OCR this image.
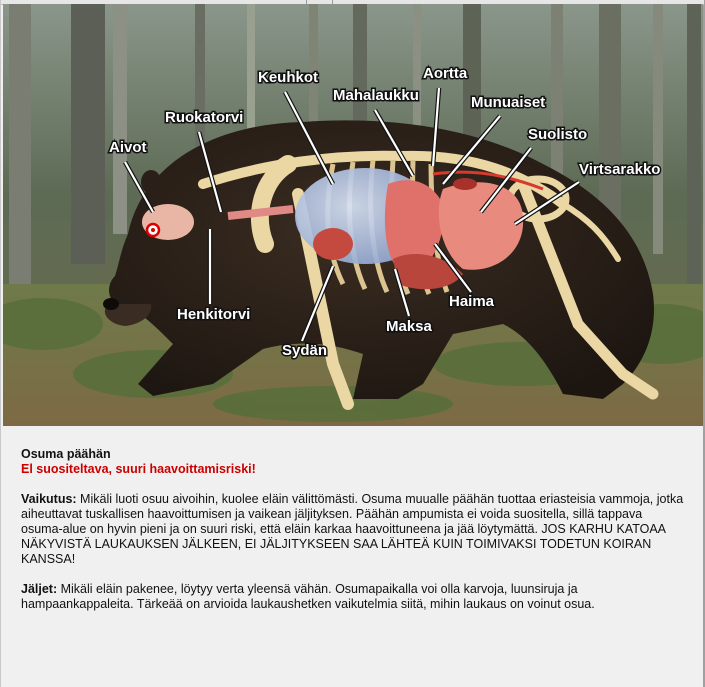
Aivot
Ruokatorvi
Keuhkot
Mahalaukku
Aortta
Munuaiset
Suolisto
Virtsarakko
Henkitorvi
Sydän
Maksa
Haima

Osuma päähän

El suositeltava, suuri haavoittamisriski!

Vaikutus: Mikäli luoti osuu aivoihin, kuolee eläin välittömästi. Osuma muualle päähän tuottaa eriasteisia vammoja, jotka aiheuttavat tuskallisen haavoittumisen ja vaikean jäljityksen. Päähän ampumista ei voida suositella, sillä tappava osuma-alue on hyvin pieni ja on suuri riski, että eläin karkaa haavoittuneena ja jää löytymättä. JOS KARHU KATOAA NÄKYVISTÄ LAUKAUKSEN JÄLKEEN, EI JÄLJITYKSEEN SAA LÄHTEÄ KUIN TOIMIVAKSI TODETUN KOIRAN KANSSA!

Jäljet: Mikäli eläin pakenee, löytyy verta yleensä vähän. Osumapaikalla voi olla karvoja, luunsiruja ja hampaankappaleita. Tärkeää on arvioida laukaushetken vaikutelmia siitä, mihin laukaus on voinut osua.
